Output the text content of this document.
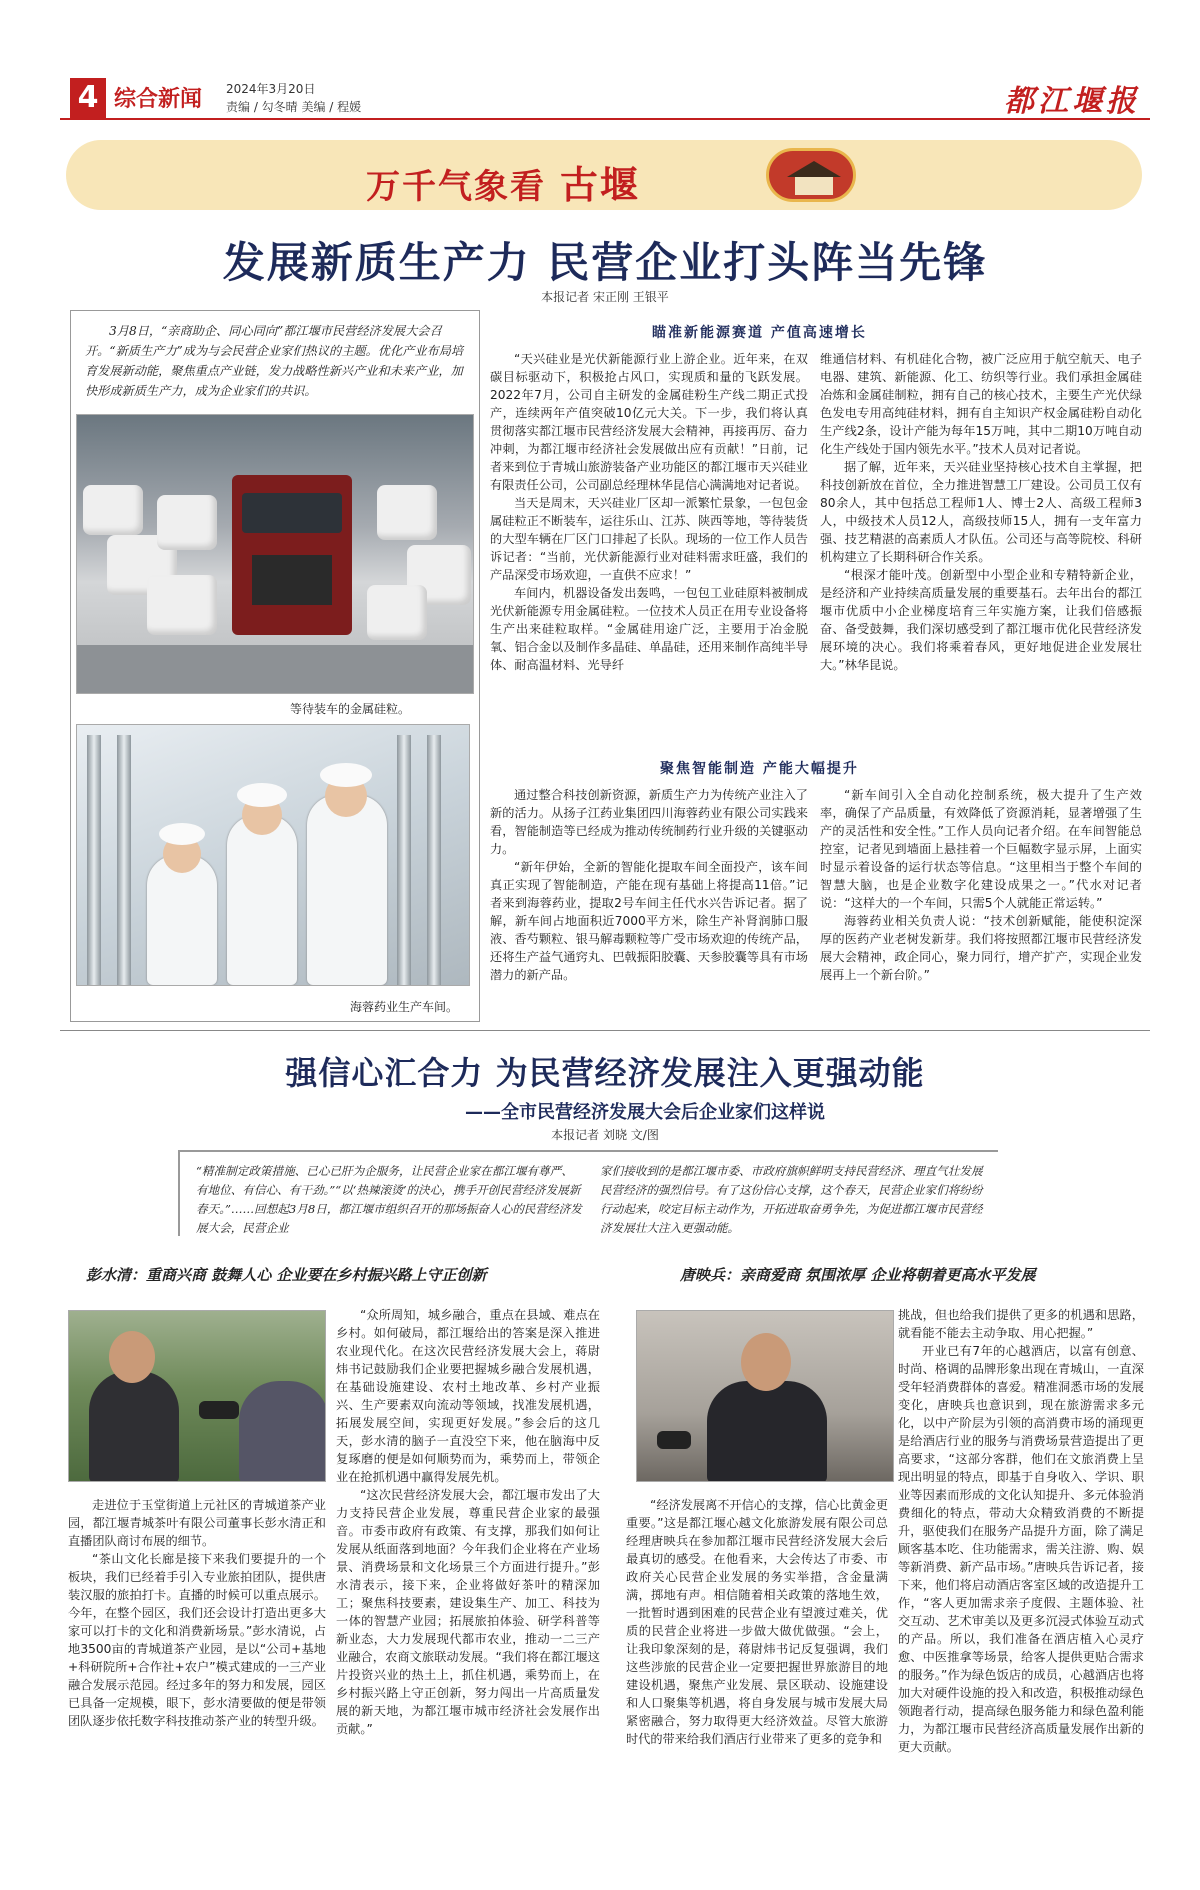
4 综合新闻 2024年3月20日
责编 / 勾冬晴 美编 / 程媛	都江堰报
万千气象看 古堰
发展新质生产力 民营企业打头阵当先锋
本报记者 宋正刚 王银平

3月8日，“亲商助企、同心同向”都江堰市民营经济发展大会召开。“新质生产力”成为与会民营企业家们热议的主题。优化产业布局培育发展新动能，聚焦重点产业链，发力战略性新兴产业和未来产业，加快形成新质生产力，成为企业家们的共识。

等待装车的金属硅粒。
海蓉药业生产车间。
瞄准新能源赛道 产值高速增长

“天兴硅业是光伏新能源行业上游企业。近年来，在双碳目标驱动下，积极抢占风口，实现质和量的飞跃发展。2022年7月，公司自主研发的金属硅粉生产线二期正式投产，连续两年产值突破10亿元大关。下一步，我们将认真贯彻落实都江堰市民营经济发展大会精神，再接再厉、奋力冲刺，为都江堰市经济社会发展做出应有贡献！”日前，记者来到位于青城山旅游装备产业功能区的都江堰市天兴硅业有限责任公司，公司副总经理林华昆信心满满地对记者说。

当天是周末，天兴硅业厂区却一派繁忙景象，一包包金属硅粒正不断装车，运往乐山、江苏、陕西等地，等待装货的大型车辆在厂区门口排起了长队。现场的一位工作人员告诉记者：“当前，光伏新能源行业对硅料需求旺盛，我们的产品深受市场欢迎，一直供不应求！”

车间内，机器设备发出轰鸣，一包包工业硅原料被制成光伏新能源专用金属硅粒。一位技术人员正在用专业设备将生产出来硅粒取样。“金属硅用途广泛，主要用于冶金脱氧、铝合金以及制作多晶硅、单晶硅，还用来制作高纯半导体、耐高温材料、光导纤

维通信材料、有机硅化合物，被广泛应用于航空航天、电子电器、建筑、新能源、化工、纺织等行业。我们承担金属硅冶炼和金属硅制粒，拥有自己的核心技术，主要生产光伏绿色发电专用高纯硅材料，拥有自主知识产权金属硅粉自动化生产线2条，设计产能为每年15万吨，其中二期10万吨自动化生产线处于国内领先水平。”技术人员对记者说。

据了解，近年来，天兴硅业坚持核心技术自主掌握，把科技创新放在首位，全力推进智慧工厂建设。公司员工仅有80余人，其中包括总工程师1人、博士2人、高级工程师3人，中级技术人员12人，高级技师15人，拥有一支年富力强、技艺精湛的高素质人才队伍。公司还与高等院校、科研机构建立了长期科研合作关系。

“根深才能叶茂。创新型中小型企业和专精特新企业，是经济和产业持续高质量发展的重要基石。去年出台的都江堰市优质中小企业梯度培育三年实施方案，让我们倍感振奋、备受鼓舞，我们深切感受到了都江堰市优化民营经济发展环境的决心。我们将乘着春风，更好地促进企业发展壮大。”林华昆说。

聚焦智能制造 产能大幅提升

通过整合科技创新资源，新质生产力为传统产业注入了新的活力。从扬子江药业集团四川海蓉药业有限公司实践来看，智能制造等已经成为推动传统制药行业升级的关键驱动力。

“新年伊始，全新的智能化提取车间全面投产，该车间真正实现了智能制造，产能在现有基础上将提高11倍。”记者来到海蓉药业，提取2号车间主任代水兴告诉记者。据了解，新车间占地面积近7000平方米，除生产补肾润肺口服液、香芍颗粒、银马解毒颗粒等广受市场欢迎的传统产品，还将生产益气通窍丸、巴戟振阳胶囊、天参胶囊等具有市场潜力的新产品。

“新车间引入全自动化控制系统，极大提升了生产效率，确保了产品质量，有效降低了资源消耗，显著增强了生产的灵活性和安全性。”工作人员向记者介绍。在车间智能总控室，记者见到墙面上悬挂着一个巨幅数字显示屏，上面实时显示着设备的运行状态等信息。“这里相当于整个车间的智慧大脑，也是企业数字化建设成果之一。”代水对记者说：“这样大的一个车间，只需5个人就能正常运转。”

海蓉药业相关负责人说：“技术创新赋能，能使积淀深厚的医药产业老树发新芽。我们将按照都江堰市民营经济发展大会精神，政企同心，聚力同行，增产扩产，实现企业发展再上一个新台阶。”

强信心汇合力 为民营经济发展注入更强动能
——全市民营经济发展大会后企业家们这样说
本报记者 刘晓 文/图
“精准制定政策措施、已心已肝为企服务，让民营企业家在都江堰有尊严、有地位、有信心、有干劲。”“以‘热辣滚烫’的決心，携手开创民营经济发展新春天。”……回想起3月8日，都江堰市组织召开的那场振奋人心的民营经济发展大会，民营企业
家们接收到的是都江堰市委、市政府旗帜鲜明支持民营经济、理直气壮发展民营经济的强烈信号。有了这份信心支撑，这个春天，民营企业家们将纷纷行动起来，咬定目标主动作为，开拓进取奋勇争先，为促进都江堰市民营经济发展壮大注入更强动能。
彭水清：重商兴商 鼓舞人心 企业要在乡村振兴路上守正创新	唐映兵：亲商爱商 氛围浓厚 企业将朝着更高水平发展

走进位于玉堂街道上元社区的青城道茶产业园，都江堰青城茶叶有限公司董事长彭水清正和直播团队商讨布展的细节。

“茶山文化长廊是接下来我们要提升的一个板块，我们已经着手引入专业旅拍团队，提供唐装汉服的旅拍打卡。直播的时候可以重点展示。今年，在整个园区，我们还会设计打造出更多大家可以打卡的文化和消费新场景。”彭水清说，占地3500亩的青城道茶产业园，是以“公司+基地+科研院所+合作社+农户”模式建成的一三产业融合发展示范园。经过多年的努力和发展，园区已具备一定规模，眼下，彭水清要做的便是带领团队逐步依托数字科技推动茶产业的转型升级。

“众所周知，城乡融合，重点在县域、难点在乡村。如何破局，都江堰给出的答案是深入推进农业现代化。在这次民营经济发展大会上，蒋尉炜书记鼓励我们企业要把握城乡融合发展机遇，在基础设施建设、农村土地改革、乡村产业振兴、生产要素双向流动等领域，找准发展机遇，拓展发展空间，实现更好发展。”参会后的这几天，彭水清的脑子一直没空下来，他在脑海中反复琢磨的便是如何顺势而为，乘势而上，带领企业在抢抓机遇中赢得发展先机。

“这次民营经济发展大会，都江堰市发出了大力支持民营企业发展，尊重民营企业家的最强音。市委市政府有政策、有支撑，那我们如何让发展从纸面落到地面？今年我们企业将在产业场景、消费场景和文化场景三个方面进行提升。”彭水清表示，接下来，企业将做好茶叶的精深加工；聚焦科技要素，建设集生产、加工、科技为一体的智慧产业园；拓展旅拍体验、研学科普等新业态，大力发展现代都市农业，推动一二三产业融合，农商文旅联动发展。“我们将在都江堰这片投资兴业的热土上，抓住机遇，乘势而上，在乡村振兴路上守正创新，努力闯出一片高质量发展的新天地，为都江堰市城市经济社会发展作出贡献。”

“经济发展离不开信心的支撑，信心比黄金更重要。”这是都江堰心越文化旅游发展有限公司总经理唐映兵在参加都江堰市民营经济发展大会后最真切的感受。在他看来，大会传达了市委、市政府关心民营企业发展的务实举措，含金量满满，掷地有声。相信随着相关政策的落地生效，一批暂时遇到困难的民营企业有望渡过难关，优质的民营企业将进一步做大做优做强。“会上，让我印象深刻的是，蒋尉炜书记反复强调，我们这些涉旅的民营企业一定要把握世界旅游目的地建设机遇，聚焦产业发展、景区联动、设施建设和人口聚集等机遇，将自身发展与城市发展大局紧密融合，努力取得更大经济效益。尽管大旅游时代的带来给我们酒店行业带来了更多的竞争和

挑战，但也给我们提供了更多的机遇和思路，就看能不能去主动争取、用心把握。”

开业已有7年的心越酒店，以富有创意、时尚、格调的品牌形象出现在青城山，一直深受年轻消费群体的喜爱。精准洞悉市场的发展变化，唐映兵也意识到，现在旅游需求多元化，以中产阶层为引领的高消费市场的涌现更是给酒店行业的服务与消费场景营造提出了更高要求，“这部分客群，他们在文旅消费上呈现出明显的特点，即基于自身收入、学识、职业等因素而形成的文化认知提升、多元体验消费细化的特点，带动大众精致消费的不断提升，驱使我们在服务产品提升方面，除了满足顾客基本吃、住功能需求，需关注游、购、娱等新消费、新产品市场。”唐映兵告诉记者，接下来，他们将启动酒店客室区域的改造提升工作，“客人更加需求亲子度假、主题体验、社交互动、艺术审美以及更多沉浸式体验互动式的产品。所以，我们准备在酒店植入心灵疗愈、中医推拿等场景，给客人提供更贴合需求的服务。”作为绿色饭店的成员，心越酒店也将加大对硬件设施的投入和改造，积极推动绿色领跑者行动，提高绿色服务能力和绿色盈利能力，为都江堰市民营经济高质量发展作出新的更大贡献。
